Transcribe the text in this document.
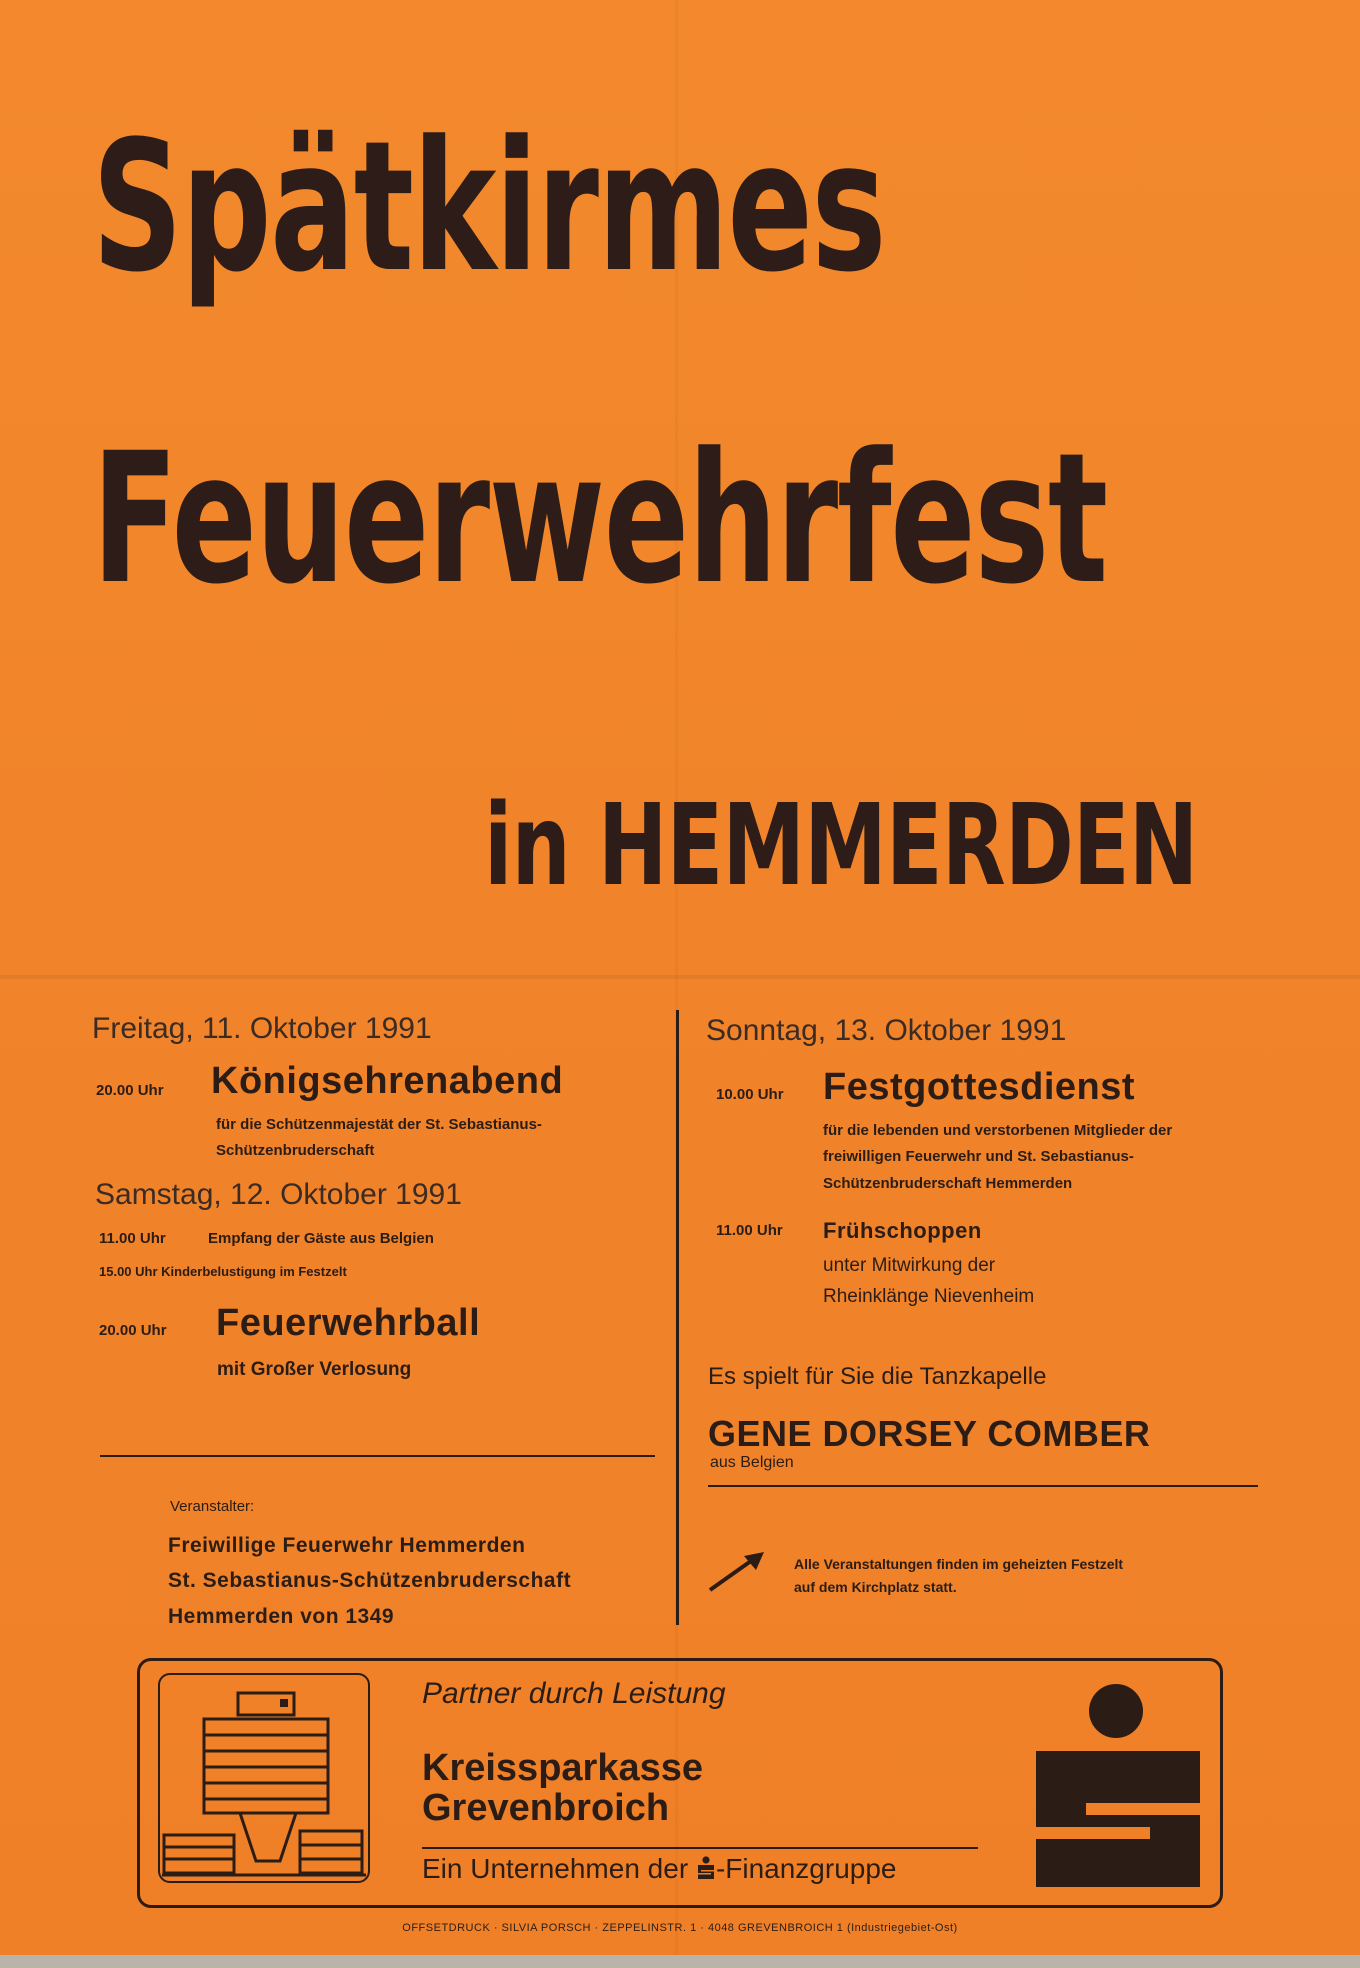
Spätkirmes
Feuerwehrfest
in HEMMERDEN
Freitag, 11. Oktober 1991
20.00 Uhr Königsehrenabend
für die Schützenmajestät der St. Sebastianus-
Schützenbruderschaft
Samstag, 12. Oktober 1991
11.00 Uhr	Empfang der Gäste aus Belgien
15.00 Uhr Kinderbelustigung im Festzelt
20.00 Uhr Feuerwehrball
mit Großer Verlosung
Veranstalter:
Freiwillige Feuerwehr Hemmerden
St. Sebastianus-Schützenbruderschaft
Hemmerden von 1349
Sonntag, 13. Oktober 1991
10.00 Uhr Festgottesdienst
für die lebenden und verstorbenen Mitglieder der
freiwilligen Feuerwehr und St. Sebastianus-
Schützenbruderschaft Hemmerden
11.00 Uhr Frühschoppen
unter Mitwirkung der
Rheinklänge Nievenheim
Es spielt für Sie die Tanzkapelle
GENE DORSEY COMBER
aus Belgien
Alle Veranstaltungen finden im geheizten Festzelt
auf dem Kirchplatz statt.
Partner durch Leistung
Kreissparkasse
Grevenbroich
Ein Unternehmen der -Finanzgruppe
OFFSETDRUCK · SILVIA PORSCH · ZEPPELINSTR. 1 · 4048 GREVENBROICH 1 (Industriegebiet-Ost)
